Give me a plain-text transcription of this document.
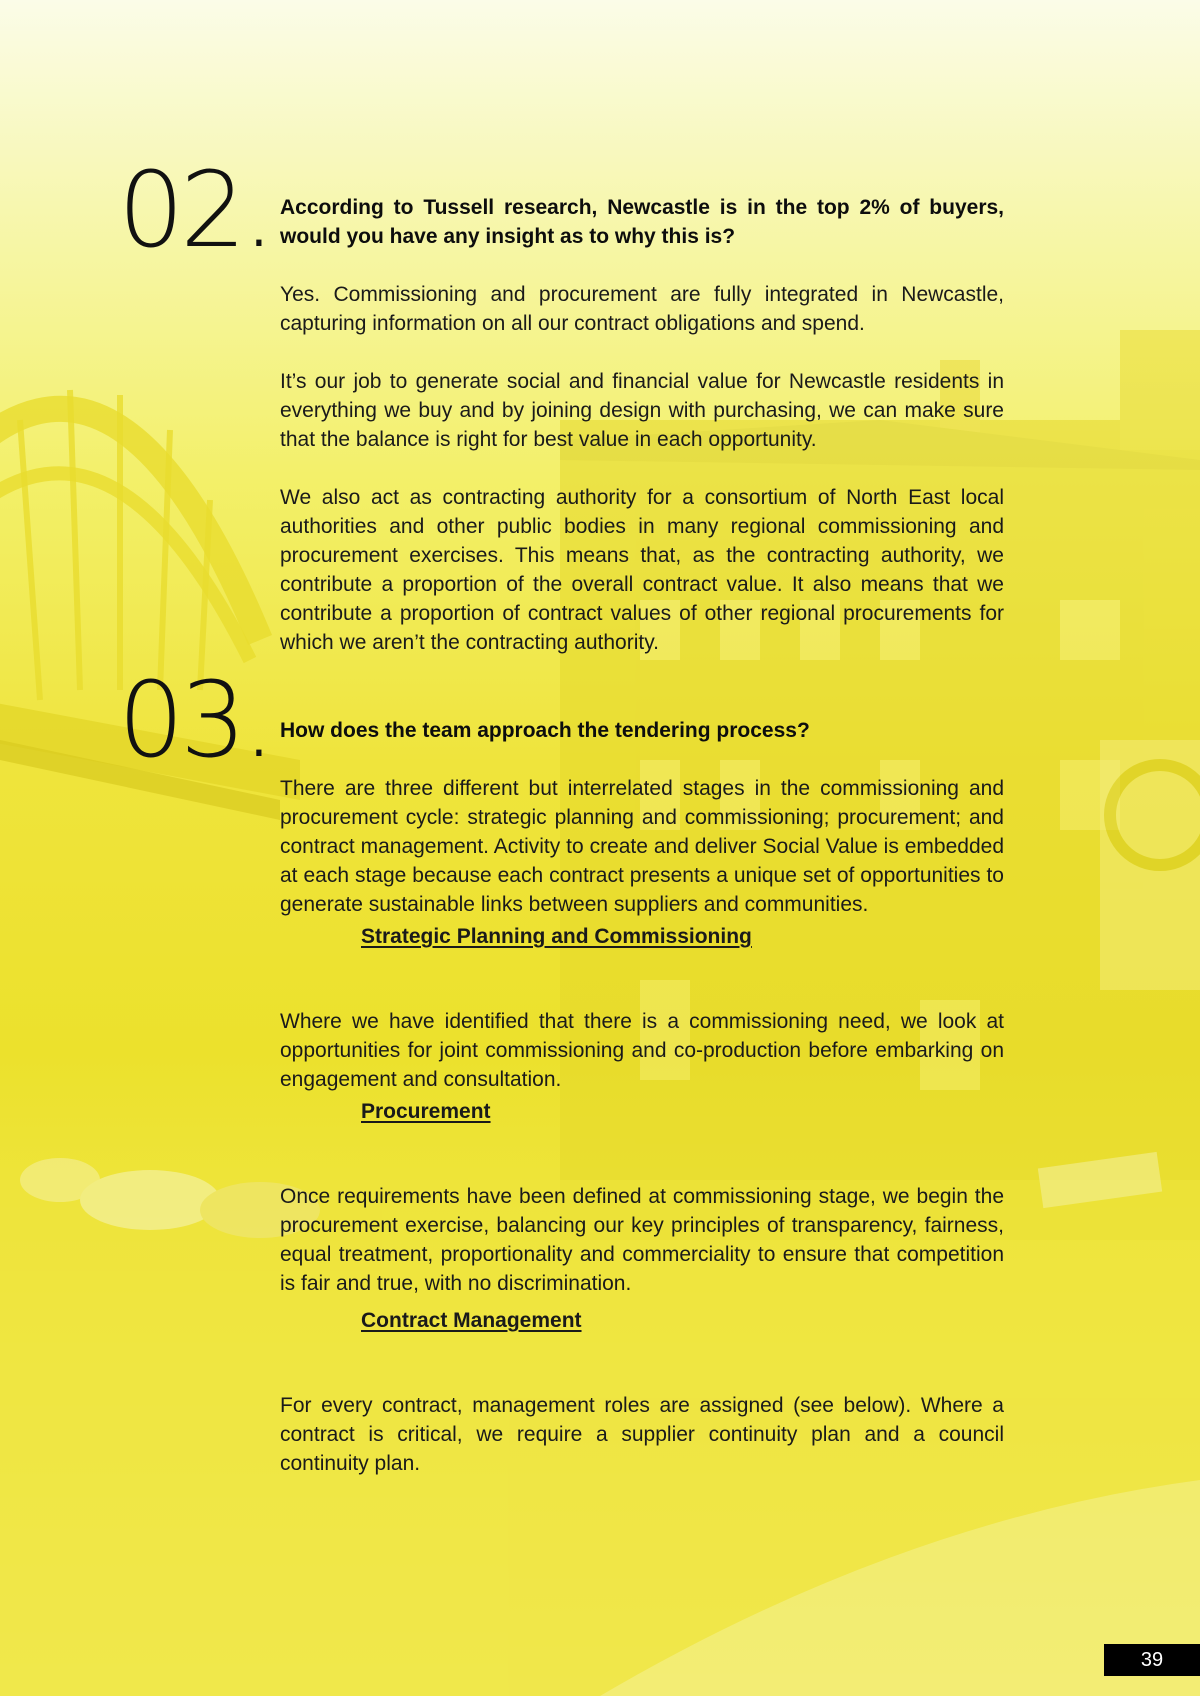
02. According to Tussell research, Newcastle is in the top 2% of buyers, would you have any insight as to why this is?

Yes. Commissioning and procurement are fully integrated in Newcastle, capturing information on all our contract obligations and spend.

It’s our job to generate social and financial value for Newcastle residents in everything we buy and by joining design with purchasing, we can make sure that the balance is right for best value in each opportunity.

We also act as contracting authority for a consortium of North East local authorities and other public bodies in many regional commissioning and procurement exercises. This means that, as the contracting authority, we contribute a proportion of the overall contract value. It also means that we contribute a proportion of contract values of other regional procurements for which we aren’t the contracting authority.

03. How does the team approach the tendering process?

There are three different but interrelated stages in the commissioning and procurement cycle: strategic planning and commissioning; procurement; and contract management. Activity to create and deliver Social Value is embedded at each stage because each contract presents a unique set of opportunities to generate sustainable links between suppliers and communities.

Strategic Planning and Commissioning

Where we have identified that there is a commissioning need, we look at opportunities for joint commissioning and co-production before embarking on engagement and consultation.

Procurement

Once requirements have been defined at commissioning stage, we begin the procurement exercise, balancing our key principles of transparency, fairness, equal treatment, proportionality and commerciality to ensure that competition is fair and true, with no discrimination.

Contract Management

For every contract, management roles are assigned (see below). Where a contract is critical, we require a supplier continuity plan and a council continuity plan.

39
